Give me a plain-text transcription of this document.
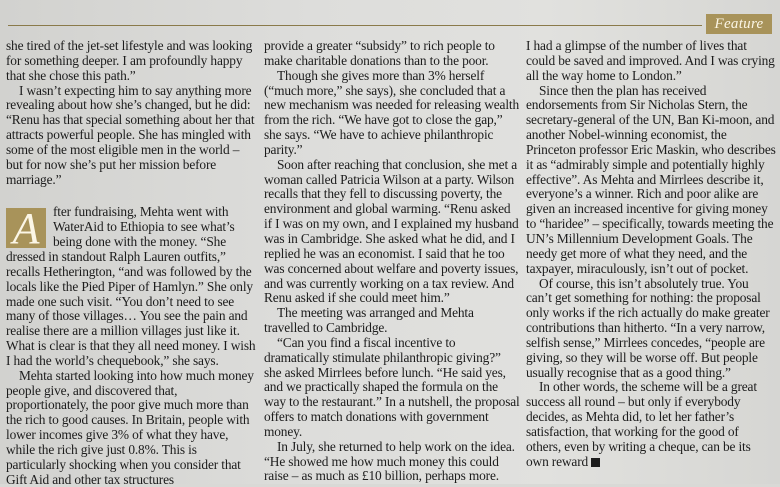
Feature

she tired of the jet-set lifestyle and was looking for something deeper. I am profoundly happy that she chose this path.”

I wasn’t expecting him to say anything more revealing about how she’s changed, but he did: “Renu has that special something about her that attracts powerful people. She has mingled with some of the most eligible men in the world – but for now she’s put her mission before marriage.”

A	fter fundraising, Mehta went with WaterAid to Ethiopia to see what’s being done with the money. “She dressed in standout Ralph Lauren outfits,” recalls Hetherington, “and was followed by the locals like the Pied Piper of Hamlyn.” She only made one such visit. “You don’t need to see many of those villages… You see the pain and realise there are a million villages just like it. What is clear is that they all need money. I wish I had the world’s chequebook,” she says.

Mehta started looking into how much money people give, and discovered that, proportionately, the poor give much more than the rich to good causes. In Britain, people with lower incomes give 3% of what they have, while the rich give just 0.8%. This is particularly shocking when you consider that Gift Aid and other tax structures

provide a greater “subsidy” to rich people to make charitable donations than to the poor.

Though she gives more than 3% herself (“much more,” she says), she concluded that a new mechanism was needed for releasing wealth from the rich. “We have got to close the gap,” she says. “We have to achieve philanthropic parity.”

Soon after reaching that conclusion, she met a woman called Patricia Wilson at a party. Wilson recalls that they fell to discussing poverty, the environment and global warming. “Renu asked if I was on my own, and I explained my husband was in Cambridge. She asked what he did, and I replied he was an economist. I said that he too was concerned about welfare and poverty issues, and was currently working on a tax review. And Renu asked if she could meet him.”

The meeting was arranged and Mehta travelled to Cambridge.

“Can you find a fiscal incentive to dramatically stimulate philanthropic giving?” she asked Mirrlees before lunch. “He said yes, and we practically shaped the formula on the way to the restaurant.” In a nutshell, the proposal offers to match donations with government money.

In July, she returned to help work on the idea. “He showed me how much money this could raise – as much as £10 billion, perhaps more.

I had a glimpse of the number of lives that could be saved and improved. And I was crying all the way home to London.”

Since then the plan has received endorsements from Sir Nicholas Stern, the secretary-general of the UN, Ban Ki-moon, and another Nobel-winning economist, the Princeton professor Eric Maskin, who describes it as “admirably simple and potentially highly effective”. As Mehta and Mirrlees describe it, everyone’s a winner. Rich and poor alike are given an increased incentive for giving money to “haridee” – specifically, towards meeting the UN’s Millennium Development Goals. The needy get more of what they need, and the taxpayer, miraculously, isn’t out of pocket.

Of course, this isn’t absolutely true. You can’t get something for nothing: the proposal only works if the rich actually do make greater contributions than hitherto. “In a very narrow, selfish sense,” Mirrlees concedes, “people are giving, so they will be worse off. But people usually recognise that as a good thing.”

In other words, the scheme will be a great success all round – but only if everybody decides, as Mehta did, to let her father’s satisfaction, that working for the good of others, even by writing a cheque, can be its own reward
